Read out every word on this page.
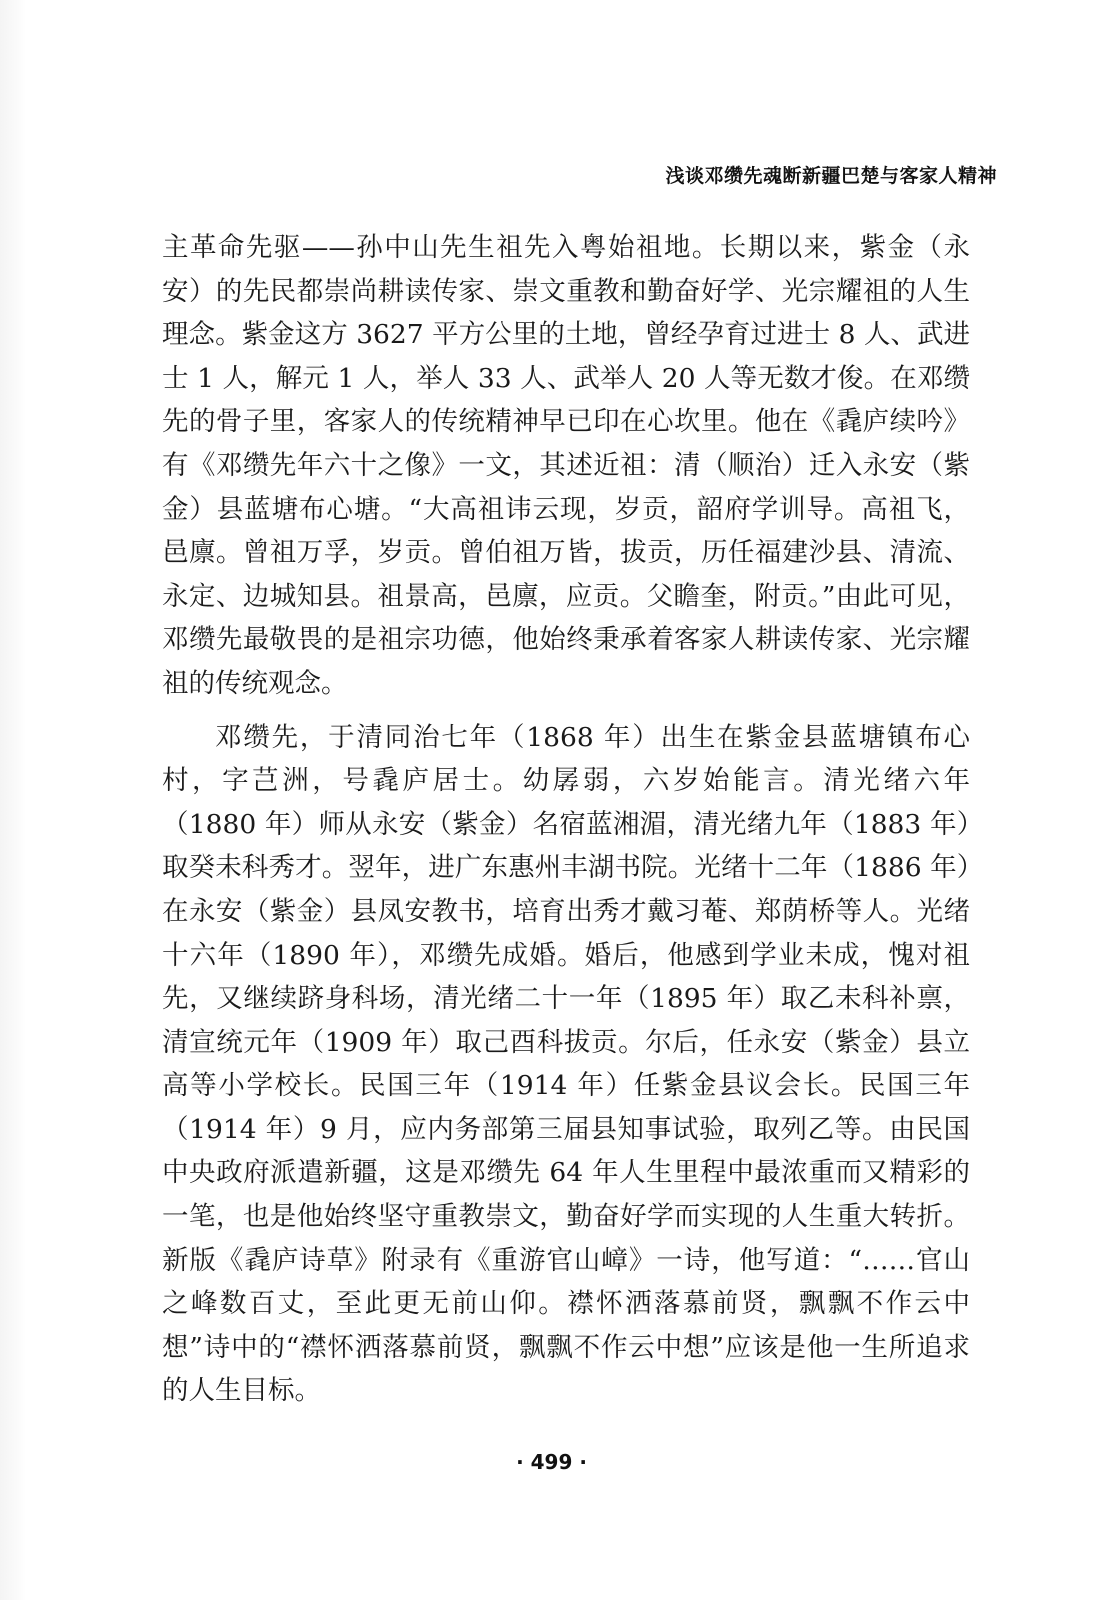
浅谈邓缵先魂断新疆巴楚与客家人精神

主革命先驱——孙中山先生祖先入粤始祖地。长期以来，紫金（永安）的先民都崇尚耕读传家、崇文重教和勤奋好学、光宗耀祖的人生理念。紫金这方 3627 平方公里的土地，曾经孕育过进士 8 人、武进士 1 人，解元 1 人，举人 33 人、武举人 20 人等无数才俊。在邓缵先的骨子里，客家人的传统精神早已印在心坎里。他在《毳庐续吟》有《邓缵先年六十之像》一文，其述近祖：清（顺治）迁入永安（紫金）县蓝塘布心塘。“大高祖讳云现，岁贡，韶府学训导。高祖飞，邑廪。曾祖万孚，岁贡。曾伯祖万皆，拔贡，历任福建沙县、清流、永定、边城知县。祖景高，邑廪，应贡。父瞻奎，附贡。”由此可见，邓缵先最敬畏的是祖宗功德，他始终秉承着客家人耕读传家、光宗耀祖的传统观念。

邓缵先，于清同治七年（1868 年）出生在紫金县蓝塘镇布心村，字芑洲，号毳庐居士。幼孱弱，六岁始能言。清光绪六年（1880 年）师从永安（紫金）名宿蓝湘湄，清光绪九年（1883 年）取癸未科秀才。翌年，进广东惠州丰湖书院。光绪十二年（1886 年）在永安（紫金）县凤安教书，培育出秀才戴习菴、郑荫桥等人。光绪十六年（1890 年），邓缵先成婚。婚后，他感到学业未成，愧对祖先，又继续跻身科场，清光绪二十一年（1895 年）取乙未科补禀，清宣统元年（1909 年）取己酉科拔贡。尔后，任永安（紫金）县立高等小学校长。民国三年（1914 年）任紫金县议会长。民国三年（1914 年）9 月，应内务部第三届县知事试验，取列乙等。由民国中央政府派遣新疆，这是邓缵先 64 年人生里程中最浓重而又精彩的一笔，也是他始终坚守重教崇文，勤奋好学而实现的人生重大转折。新版《毳庐诗草》附录有《重游官山嶂》一诗，他写道：“……官山之峰数百丈，至此更无前山仰。襟怀洒落慕前贤，飘飘不作云中想”诗中的“襟怀洒落慕前贤，飘飘不作云中想”应该是他一生所追求的人生目标。

· 499 ·
